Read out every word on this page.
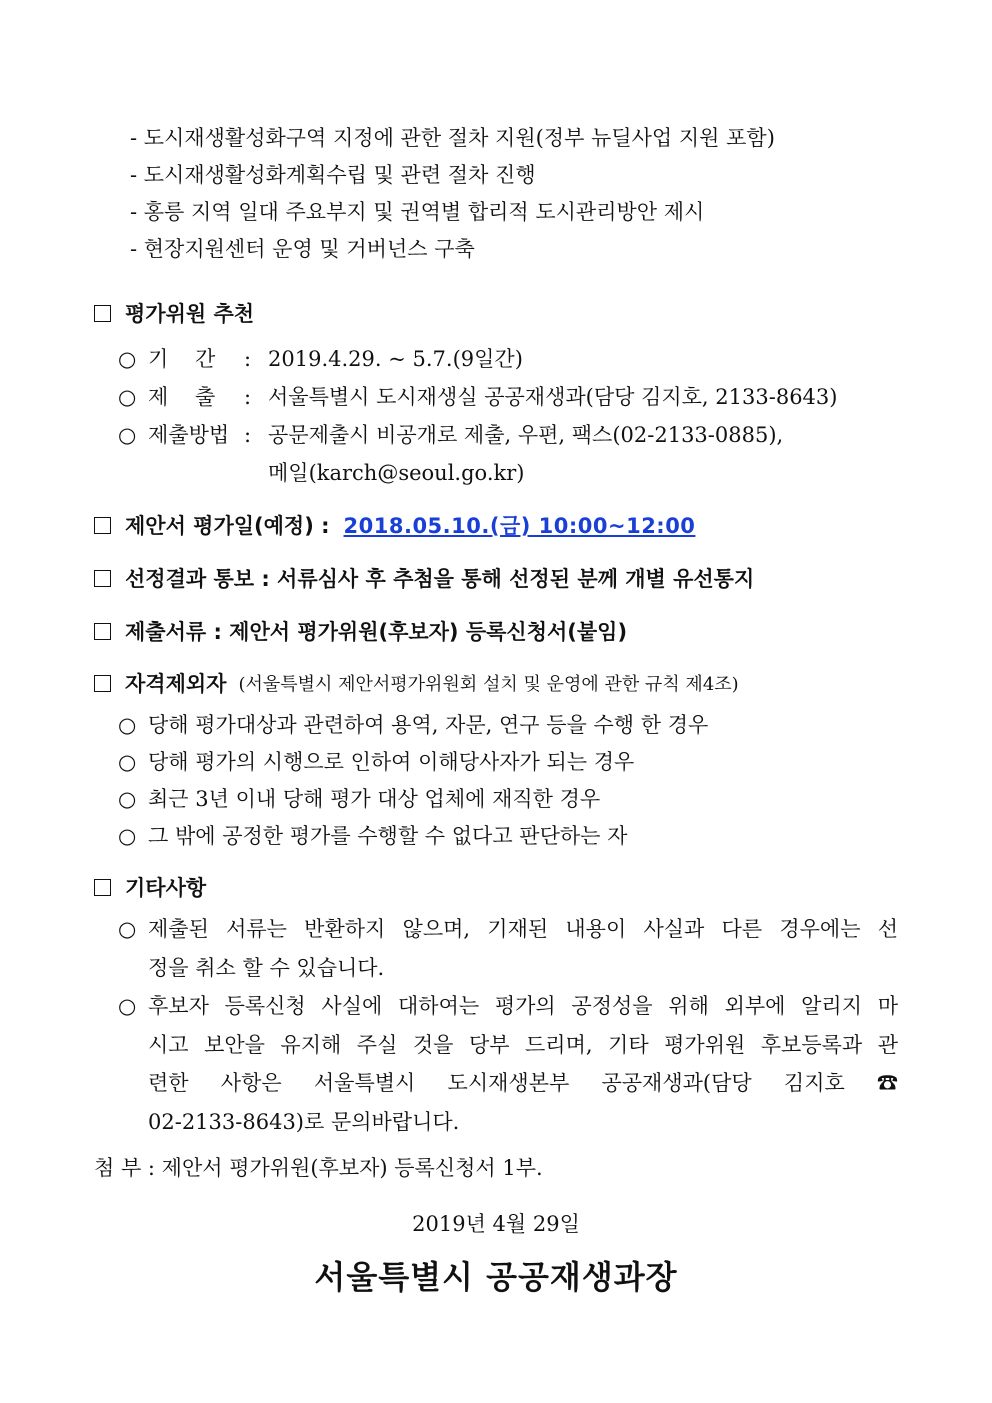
- 도시재생활성화구역 지정에 관한 절차 지원(정부 뉴딜사업 지원 포함)
- 도시재생활성화계획수립 및 관련 절차 진행
- 홍릉 지역 일대 주요부지 및 권역별 합리적 도시관리방안 제시
- 현장지원센터 운영 및 거버넌스 구축
평가위원 추천
○ 기    간	: 2019.4.29. ~ 5.7.(9일간)
○ 제    출	: 서울특별시 도시재생실 공공재생과(담당 김지호, 2133-8643)
○ 제출방법 : 공문제출시 비공개로 제출, 우편, 팩스(02-2133-0885),
메일(karch@seoul.go.kr)
제안서 평가일(예정) : 2018.05.10.(금) 10:00~12:00
선정결과 통보 : 서류심사 후 추첨을 통해 선정된 분께 개별 유선통지
제출서류 : 제안서 평가위원(후보자) 등록신청서(붙임)
자격제외자 (서울특별시 제안서평가위원회 설치 및 운영에 관한 규칙 제4조)
○ 당해 평가대상과 관련하여 용역, 자문, 연구 등을 수행 한 경우
○ 당해 평가의 시행으로 인하여 이해당사자가 되는 경우
○ 최근 3년 이내 당해 평가 대상 업체에 재직한 경우
○ 그 밖에 공정한 평가를 수행할 수 없다고 판단하는 자
기타사항
○ 제출된 서류는 반환하지 않으며, 기재된 내용이 사실과 다른 경우에는 선
정을 취소 할 수 있습니다.
○ 후보자 등록신청 사실에 대하여는 평가의 공정성을 위해 외부에 알리지 마
시고 보안을 유지해 주실 것을 당부 드리며, 기타 평가위원 후보등록과 관
련한 사항은 서울특별시 도시재생본부 공공재생과(담당 김지호 ☎
02-2133-8643)로 문의바랍니다.
첨 부 : 제안서 평가위원(후보자) 등록신청서 1부.
2019년 4월 29일
서울특별시 공공재생과장
